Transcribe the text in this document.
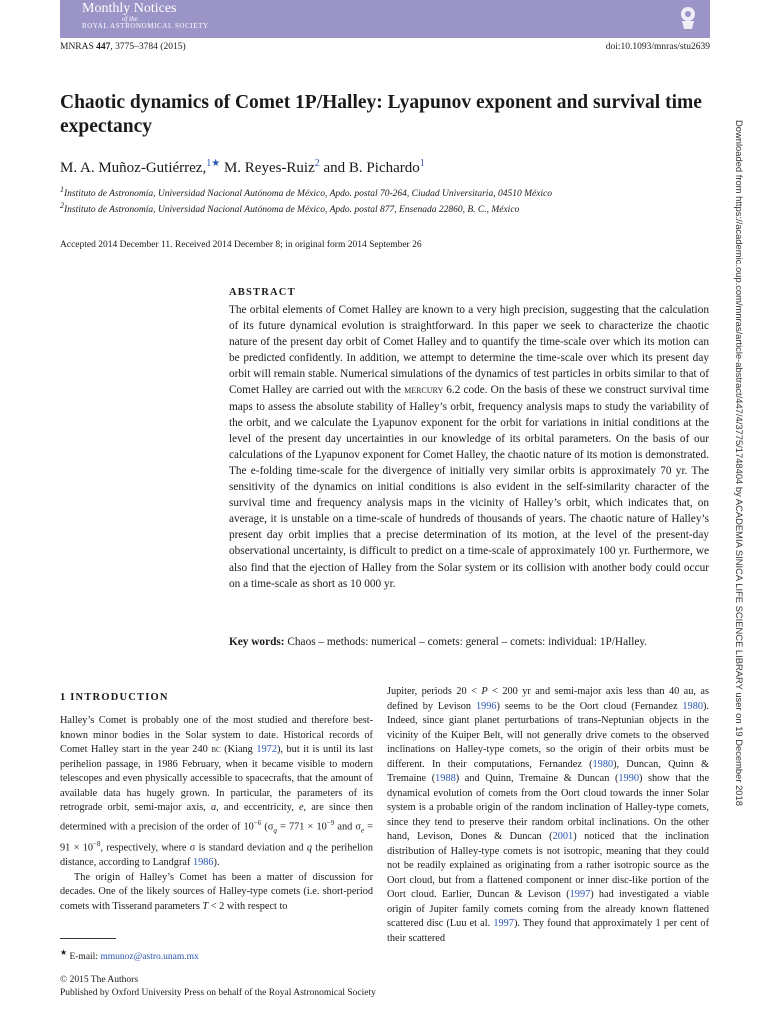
Monthly Notices
of the
ROYAL ASTRONOMICAL SOCIETY
MNRAS 447, 3775–3784 (2015)	doi:10.1093/mnras/stu2639
Chaotic dynamics of Comet 1P/Halley: Lyapunov exponent and survival time expectancy
M. A. Muñoz-Gutiérrez,$^{1★}$ M. Reyes-Ruiz$^2$ and B. Pichardo$^1$
$^1$Instituto de Astronomía, Universidad Nacional Autónoma de México, Apdo. postal 70-264, Ciudad Universitaria, 04510 México
$^2$Instituto de Astronomía, Universidad Nacional Autónoma de México, Apdo. postal 877, Ensenada 22860, B. C., México
Accepted 2014 December 11. Received 2014 December 8; in original form 2014 September 26
ABSTRACT
The orbital elements of Comet Halley are known to a very high precision, suggesting that the calculation of its future dynamical evolution is straightforward. In this paper we seek to characterize the chaotic nature of the present day orbit of Comet Halley and to quantify the time-scale over which its motion can be predicted confidently. In addition, we attempt to determine the time-scale over which its present day orbit will remain stable. Numerical simulations of the dynamics of test particles in orbits similar to that of Comet Halley are carried out with the mercury 6.2 code. On the basis of these we construct survival time maps to assess the absolute stability of Halley’s orbit, frequency analysis maps to study the variability of the orbit, and we calculate the Lyapunov exponent for the orbit for variations in initial conditions at the level of the present day uncertainties in our knowledge of its orbital parameters. On the basis of our calculations of the Lyapunov exponent for Comet Halley, the chaotic nature of its motion is demonstrated. The e-folding time-scale for the divergence of initially very similar orbits is approximately 70 yr. The sensitivity of the dynamics on initial conditions is also evident in the self-similarity character of the survival time and frequency analysis maps in the vicinity of Halley’s orbit, which indicates that, on average, it is unstable on a time-scale of hundreds of thousands of years. The chaotic nature of Halley’s present day orbit implies that a precise determination of its motion, at the level of the present-day observational uncertainty, is difficult to predict on a time-scale of approximately 100 yr. Furthermore, we also find that the ejection of Halley from the Solar system or its collision with another body could occur on a time-scale as short as 10 000 yr.
Key words: Chaos – methods: numerical – comets: general – comets: individual: 1P/Halley.
1 INTRODUCTION

Halley’s Comet is probably one of the most studied and therefore best-known minor bodies in the Solar system to date. Historical records of Comet Halley start in the year 240 bc (Kiang 1972), but it is until its last perihelion passage, in 1986 February, when it became visible to modern telescopes and even physically accessible to spacecrafts, that the amount of available data has hugely grown. In particular, the parameters of its retrograde orbit, semi-major axis, a, and eccentricity, e, are since then determined with a precision of the order of $10^{-6}$ ($\sigma_q = 771 \times 10^{-9}$ and $\sigma_e = 91 \times 10^{-8}$, respectively, where σ is standard deviation and q the perihelion distance, according to Landgraf 1986).

The origin of Halley’s Comet has been a matter of discussion for decades. One of the likely sources of Halley-type comets (i.e. short-period comets with Tisserand parameters T < 2 with respect to

Jupiter, periods 20 < P < 200 yr and semi-major axis less than 40 au, as defined by Levison 1996) seems to be the Oort cloud (Fernandez 1980). Indeed, since giant planet perturbations of trans-Neptunian objects in the vicinity of the Kuiper Belt, will not generally drive comets to the observed inclinations on Halley-type comets, so the origin of their orbits must be different. In their computations, Fernandez (1980), Duncan, Quinn & Tremaine (1988) and Quinn, Tremaine & Duncan (1990) show that the dynamical evolution of comets from the Oort cloud towards the inner Solar system is a probable origin of the random inclination of Halley-type comets, since they tend to preserve their random orbital inclinations. On the other hand, Levison, Dones & Duncan (2001) noticed that the inclination distribution of Halley-type comets is not isotropic, meaning that they could not be readily explained as originating from a rather isotropic source as the Oort cloud, but from a flattened component or inner disc-like portion of the Oort cloud. Earlier, Duncan & Levison (1997) had investigated a viable origin of Jupiter family comets coming from the already known flattened scattered disc (Luu et al. 1997). They found that approximately 1 per cent of their scattered

★ E-mail: mmunoz@astro.unam.mx
© 2015 The Authors
Published by Oxford University Press on behalf of the Royal Astronomical Society
Downloaded from https://academic.oup.com/mnras/article-abstract/447/4/3775/1748404 by ACADEMIA SINICA LIFE SCIENCE LIBRARY user on 19 December 2018
